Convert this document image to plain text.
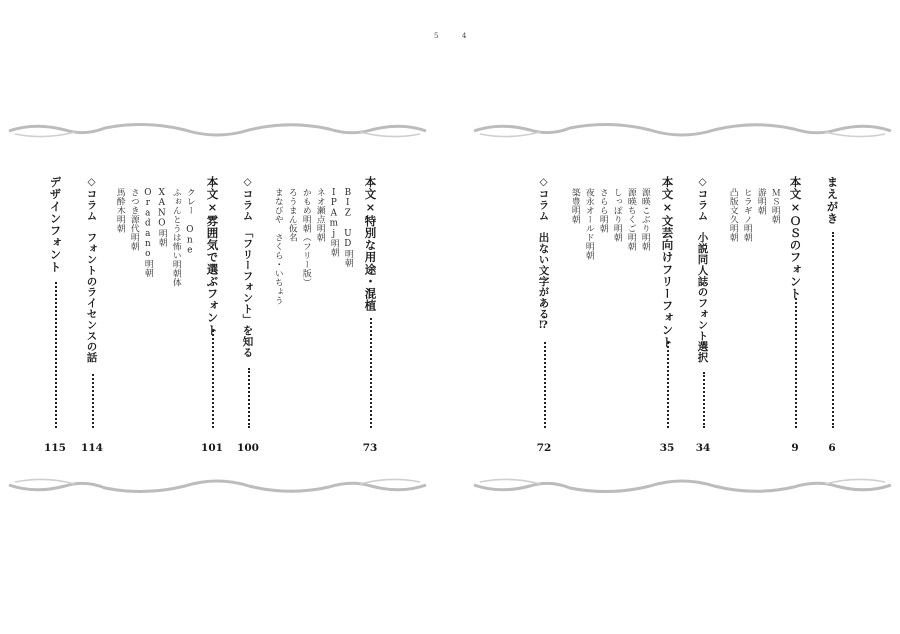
5	4
まえがき
6
本文×ＯＳのフォント
ＭＳ明朝
游明朝
ヒラギノ明朝
凸版文久明朝
9
◇コラム　小説同人誌のフォント選択
34
本文×文芸向けフリーフォント
源暎こぶり明朝
源暎ちくご明朝
しっぽり明朝
さらら明朝
夜永オールド明朝
築豊明朝
35
◇コラム　出ない文字がある⁉
72
本文×特別な用途・混植
BIZ UD明朝
IPAmj明朝
ネオ瀬点明朝
かもめ明朝（フリー版）
ろうまん仮名
まなびや　さくら・いちょう
73
◇コラム　「フリーフォント」を知る
100
本文×雰囲気で選ぶフォント
クレー One
ふぉんとうは怖い明朝体
XANO明朝
Oradano明朝
さつき源代明朝
馬酔木明朝
101
◇コラム　フォントのライセンスの話
114
デザインフォント
115
